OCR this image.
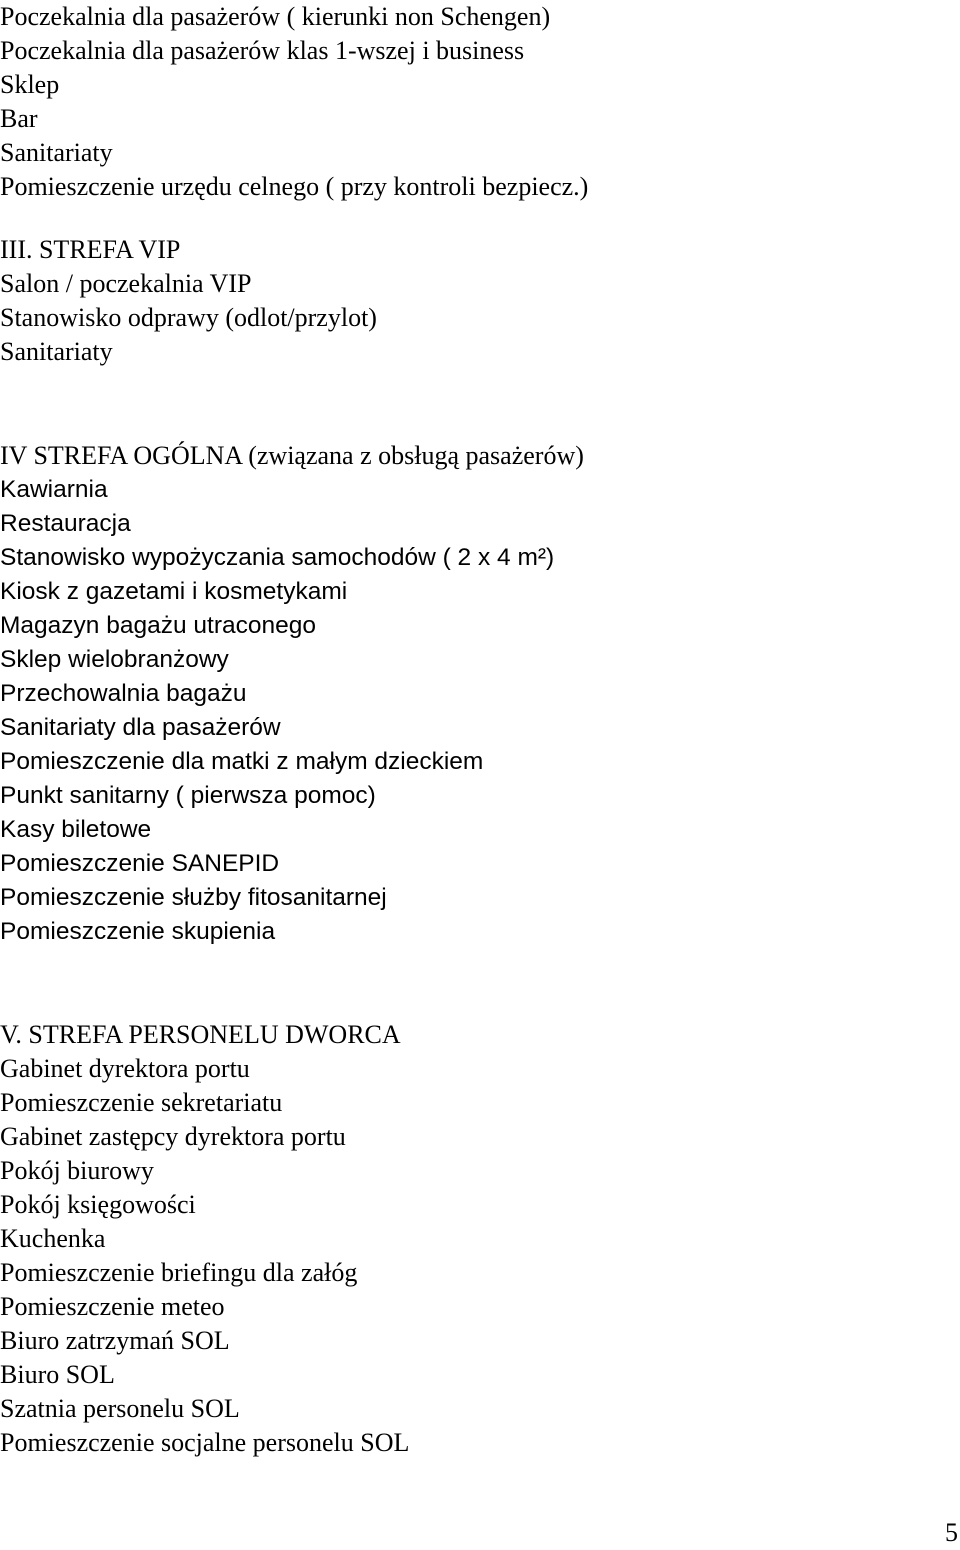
Poczekalnia dla pasażerów ( kierunki non Schengen)
Poczekalnia dla pasażerów klas 1-wszej i business
Sklep
Bar
Sanitariaty
Pomieszczenie urzędu celnego ( przy kontroli bezpiecz.)
III. STREFA VIP
Salon / poczekalnia VIP
Stanowisko odprawy (odlot/przylot)
Sanitariaty
IV STREFA OGÓLNA (związana z obsługą pasażerów)
Kawiarnia
Restauracja
Stanowisko wypożyczania samochodów ( 2 x 4 m²)
Kiosk z gazetami i kosmetykami
Magazyn bagażu utraconego
Sklep wielobranżowy
Przechowalnia bagażu
Sanitariaty dla pasażerów
Pomieszczenie dla matki z małym dzieckiem
Punkt sanitarny ( pierwsza pomoc)
Kasy biletowe
Pomieszczenie SANEPID
Pomieszczenie służby fitosanitarnej
Pomieszczenie skupienia
V. STREFA PERSONELU DWORCA
Gabinet dyrektora portu
Pomieszczenie sekretariatu
Gabinet zastępcy dyrektora portu
Pokój biurowy
Pokój księgowości
Kuchenka
Pomieszczenie briefingu dla załóg
Pomieszczenie meteo
Biuro zatrzymań SOL
Biuro SOL
Szatnia personelu SOL
Pomieszczenie socjalne personelu SOL
5
